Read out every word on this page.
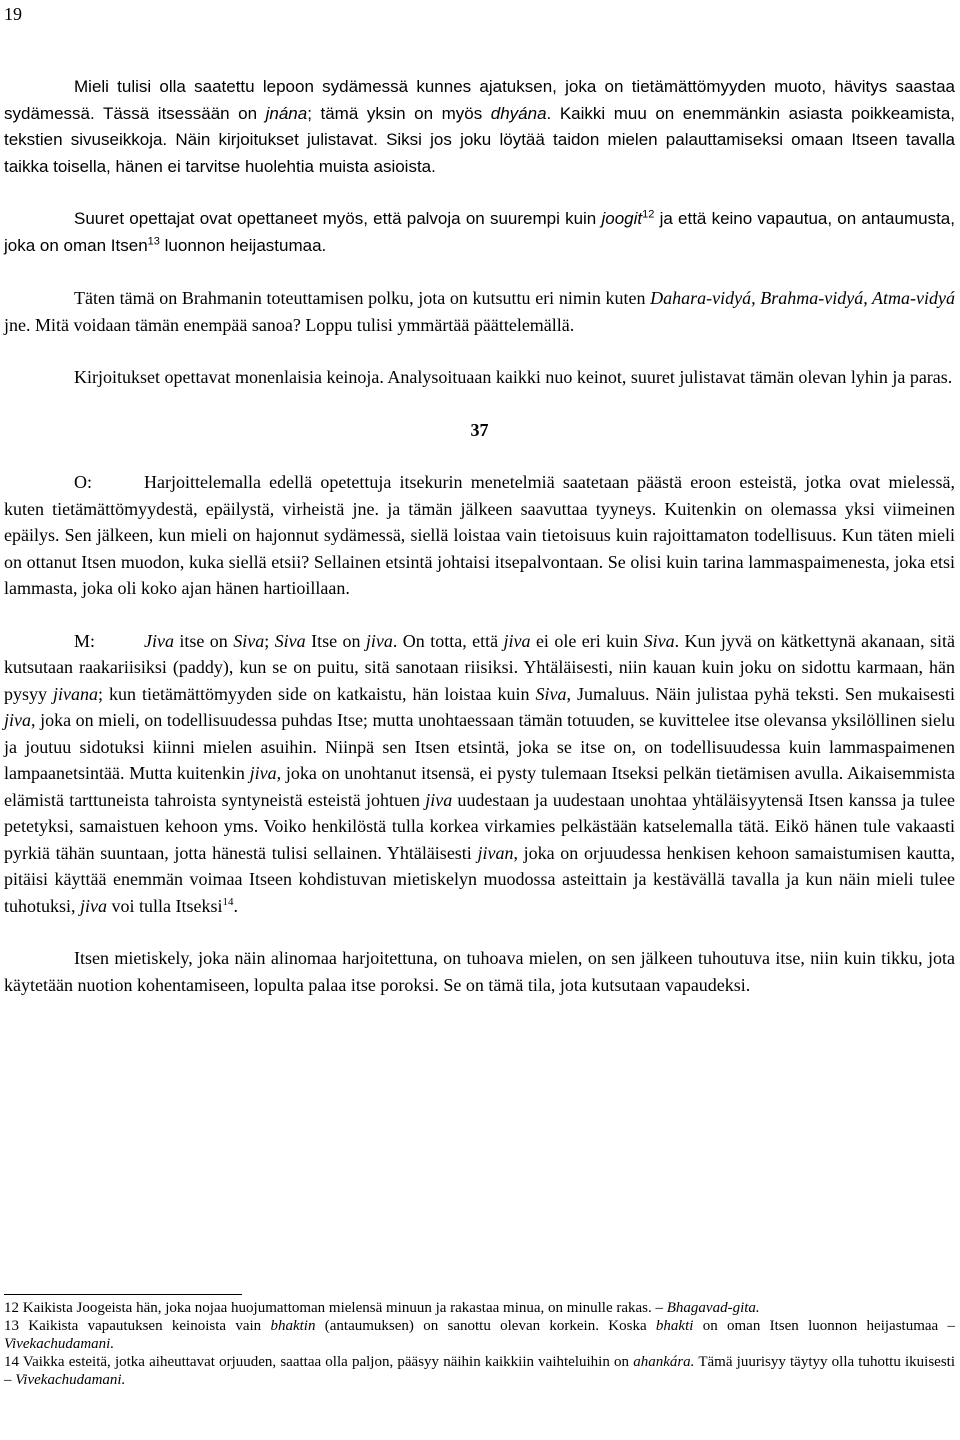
19

Mieli tulisi olla saatettu lepoon sydämessä kunnes ajatuksen, joka on tietämättömyyden muoto, hävitys saastaa sydämessä. Tässä itsessään on jnána; tämä yksin on myös dhyána. Kaikki muu on enemmänkin asiasta poikkeamista, tekstien sivuseikkoja. Näin kirjoitukset julistavat. Siksi jos joku löytää taidon mielen palauttamiseksi omaan Itseen tavalla taikka toisella, hänen ei tarvitse huolehtia muista asioista.

Suuret opettajat ovat opettaneet myös, että palvoja on suurempi kuin joogit$^{12}$ ja että keino vapautua, on antaumusta, joka on oman Itsen$^{13}$ luonnon heijastumaa.

Täten tämä on Brahmanin toteuttamisen polku, jota on kutsuttu eri nimin kuten Dahara-vidyá, Brahma-vidyá, Atma-vidyá jne. Mitä voidaan tämän enempää sanoa? Loppu tulisi ymmärtää päättelemällä.

Kirjoitukset opettavat monenlaisia keinoja. Analysoituaan kaikki nuo keinot, suuret julistavat tämän olevan lyhin ja paras.

37

O:	Harjoittelemalla edellä opetettuja itsekurin menetelmiä saatetaan päästä eroon esteistä, jotka ovat mielessä, kuten tietämättömyydestä, epäilystä, virheistä jne. ja tämän jälkeen saavuttaa tyyneys. Kuitenkin on olemassa yksi viimeinen epäilys. Sen jälkeen, kun mieli on hajonnut sydämessä, siellä loistaa vain tietoisuus kuin rajoittamaton todellisuus. Kun täten mieli on ottanut Itsen muodon, kuka siellä etsii? Sellainen etsintä johtaisi itsepalvontaan. Se olisi kuin tarina lammaspaimenesta, joka etsi lammasta, joka oli koko ajan hänen hartioillaan.

M:	Jiva itse on Siva; Siva Itse on jiva. On totta, että jiva ei ole eri kuin Siva. Kun jyvä on kätkettynä akanaan, sitä kutsutaan raakariisiksi (paddy), kun se on puitu, sitä sanotaan riisiksi. Yhtäläisesti, niin kauan kuin joku on sidottu karmaan, hän pysyy jivana; kun tietämättömyyden side on katkaistu, hän loistaa kuin Siva, Jumaluus. Näin julistaa pyhä teksti. Sen mukaisesti jiva, joka on mieli, on todellisuudessa puhdas Itse; mutta unohtaessaan tämän totuuden, se kuvittelee itse olevansa yksilöllinen sielu ja joutuu sidotuksi kiinni mielen asuihin. Niinpä sen Itsen etsintä, joka se itse on, on todellisuudessa kuin lammaspaimenen lampaanetsintää. Mutta kuitenkin jiva, joka on unohtanut itsensä, ei pysty tulemaan Itseksi pelkän tietämisen avulla. Aikaisemmista elämistä tarttuneista tahroista syntyneistä esteistä johtuen jiva uudestaan ja uudestaan unohtaa yhtäläisyytensä Itsen kanssa ja tulee petetyksi, samaistuen kehoon yms. Voiko henkilöstä tulla korkea virkamies pelkästään katselemalla tätä. Eikö hänen tule vakaasti pyrkiä tähän suuntaan, jotta hänestä tulisi sellainen. Yhtäläisesti jivan, joka on orjuudessa henkisen kehoon samaistumisen kautta, pitäisi käyttää enemmän voimaa Itseen kohdistuvan mietiskelyn muodossa asteittain ja kestävällä tavalla ja kun näin mieli tulee tuhotuksi, jiva voi tulla Itseksi$^{14}$.

Itsen mietiskely, joka näin alinomaa harjoitettuna, on tuhoava mielen, on sen jälkeen tuhoutuva itse, niin kuin tikku, jota käytetään nuotion kohentamiseen, lopulta palaa itse poroksi. Se on tämä tila, jota kutsutaan vapaudeksi.

12 Kaikista Joogeista hän, joka nojaa huojumattoman mielensä minuun ja rakastaa minua, on minulle rakas. – Bhagavad-gita.

13 Kaikista vapautuksen keinoista vain bhaktin (antaumuksen) on sanottu olevan korkein. Koska bhakti on oman Itsen luonnon heijastumaa – Vivekachudamani.

14 Vaikka esteitä, jotka aiheuttavat orjuuden, saattaa olla paljon, pääsyy näihin kaikkiin vaihteluihin on ahankára. Tämä juurisyy täytyy olla tuhottu ikuisesti – Vivekachudamani.
